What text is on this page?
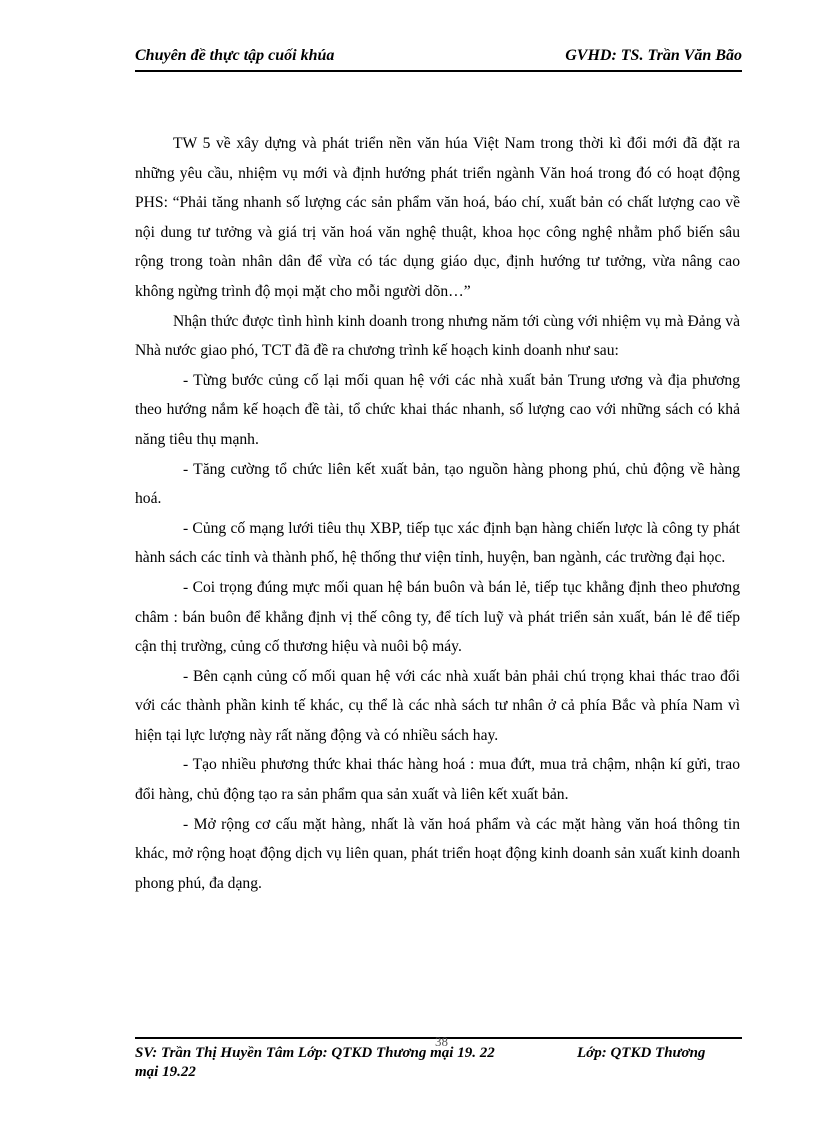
Chuyên đề thực tập cuối khúa	GVHD: TS. Trần Văn Bão

TW 5 về xây dựng và phát triển nền văn húa Việt Nam trong thời kì đổi mới đã đặt ra những yêu cầu, nhiệm vụ mới và định hướng phát triển ngành Văn hoá trong đó có hoạt động PHS: “Phải tăng nhanh số lượng các sản phẩm văn hoá, báo chí, xuất bản có chất lượng cao về nội dung tư tưởng và giá trị văn hoá văn nghệ thuật, khoa học công nghệ nhằm phổ biến sâu rộng trong toàn nhân dân để vừa có tác dụng giáo dục, định hướng tư tưởng, vừa nâng cao không ngừng trình độ mọi mặt cho mỗi người dõn…”

Nhận thức được tình hình kinh doanh trong nhưng năm tới cùng với nhiệm vụ mà Đảng và Nhà nước giao phó, TCT đã đề ra chương trình kế hoạch kinh doanh như sau:

- Từng bước củng cố lại mối quan hệ với các nhà xuất bản Trung ương và địa phương theo hướng nắm kế hoạch đề tài, tổ chức khai thác nhanh, số lượng cao với những sách có khả năng tiêu thụ mạnh.

- Tăng cường tổ chức liên kết xuất bản, tạo nguồn hàng phong phú, chủ động về hàng hoá.

- Củng cố mạng lưới tiêu thụ XBP, tiếp tục xác định bạn hàng chiến lược là công ty phát hành sách các tỉnh và thành phố, hệ thống thư viện tỉnh, huyện, ban ngành, các trường đại học.

- Coi trọng đúng mực mối quan hệ bán buôn và bán lẻ, tiếp tục khẳng định theo phương châm : bán buôn để khẳng định vị thế công ty, để tích luỹ và phát triển sản xuất, bán lẻ để tiếp cận thị trường, củng cố thương hiệu và nuôi bộ máy.

- Bên cạnh củng cố mối quan hệ với các nhà xuất bản phải chú trọng khai thác trao đổi với các thành phần kinh tế khác, cụ thể là các nhà sách tư nhân ở cả phía Bắc và phía Nam vì hiện tại lực lượng này rất năng động và có nhiều sách hay.

- Tạo nhiều phương thức khai thác hàng hoá : mua đứt, mua trả chậm, nhận kí gửi, trao đổi hàng, chủ động tạo ra sản phẩm qua sản xuất và liên kết xuất bản.

- Mở rộng cơ cấu mặt hàng, nhất là văn hoá phẩm và các mặt hàng văn hoá thông tin khác, mở rộng hoạt động dịch vụ liên quan, phát triển hoạt động kinh doanh sản xuất kinh doanh phong phú, đa dạng.

SV: Trần Thị Huyền Tâm Lớp: QTKD Thương mại 19. 22
38
Lớp: QTKD Thương
mại 19.22
